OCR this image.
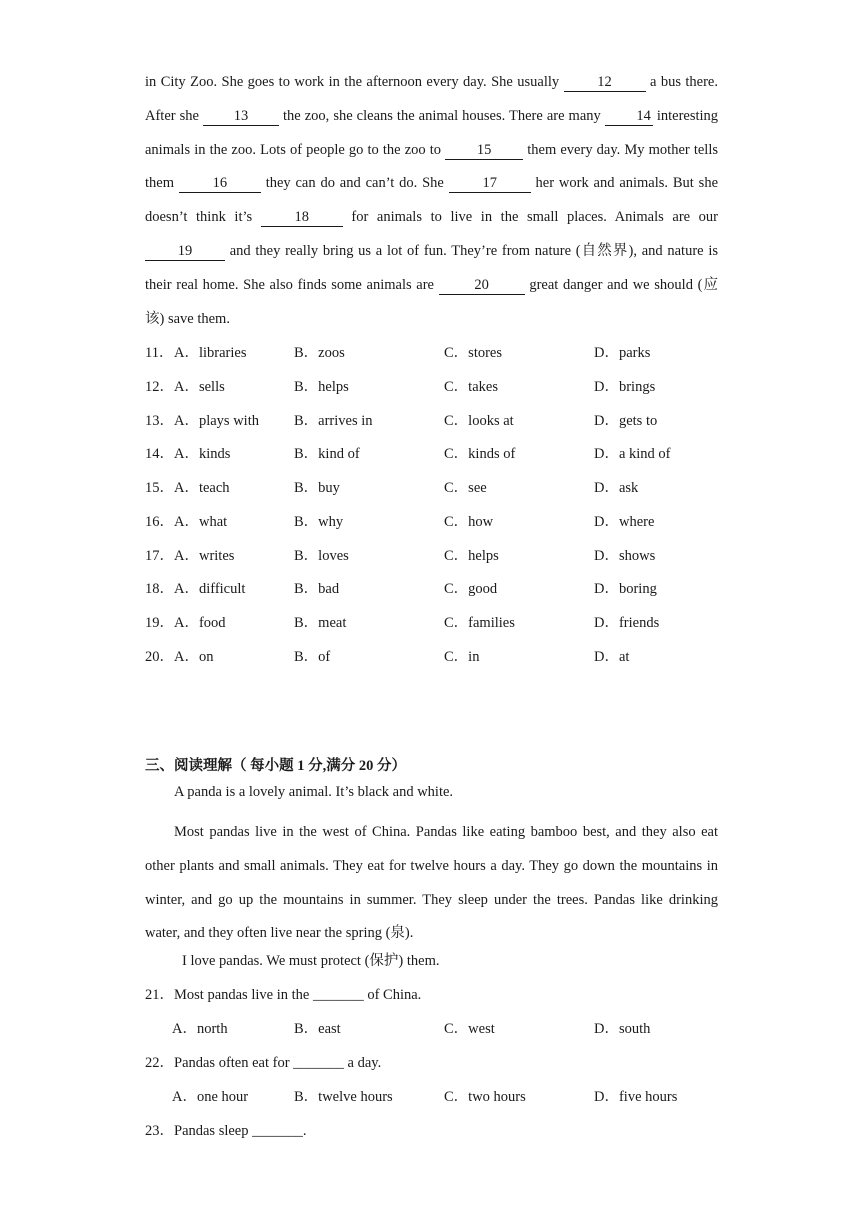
in City Zoo. She goes to work in the afternoon every day. She usually	12	a bus there. After she 13 the zoo, she cleans the animal houses. There are many 14 interesting animals in the zoo. Lots of people go to the zoo to 15 them every day. My mother tells them	16	they can do and can’t do. She	17	her work and animals. But she doesn’t think it’s	18	for animals to live in the small places. Animals are our 19	and they really bring us a lot of fun. They’re from nature (自然界), and nature is their real home. She also finds some animals are	20	great danger and we should (应该) save them.

11． A．libraries	B．zoos	C．stores	D．parks
12． A．sells	B．helps	C．takes	D．brings
13． A．plays with B．arrives in	C．looks at	D．gets to
14． A．kinds	B．kind of	C．kinds of	D．a kind of
15． A．teach	B．buy	C．see	D．ask
16． A．what	B．why	C．how	D．where
17． A．writes	B．loves	C．helps	D．shows
18． A．difficult	B．bad	C．good	D．boring
19． A．food	B．meat	C．families	D．friends
20． A．on	B．of	C．in	D．at
三、阅读理解（ 每小题 1 分,满分 20 分）
A panda is a lovely animal. It’s black and white.

Most pandas live in the west of China. Pandas like eating bamboo best, and they also eat other plants and small animals. They eat for twelve hours a day. They go down the mountains in winter, and go up the mountains in summer. They sleep under the trees. Pandas like drinking water, and they often live near the spring (泉).

I love pandas. We must protect (保护) them.
21．Most pandas live in the _______ of China.
A．north	B．east	C．west	D．south
22．Pandas often eat for _______ a day.
A．one hour	B．twelve hours	C．two hours	D．five hours
23．Pandas sleep _______.
